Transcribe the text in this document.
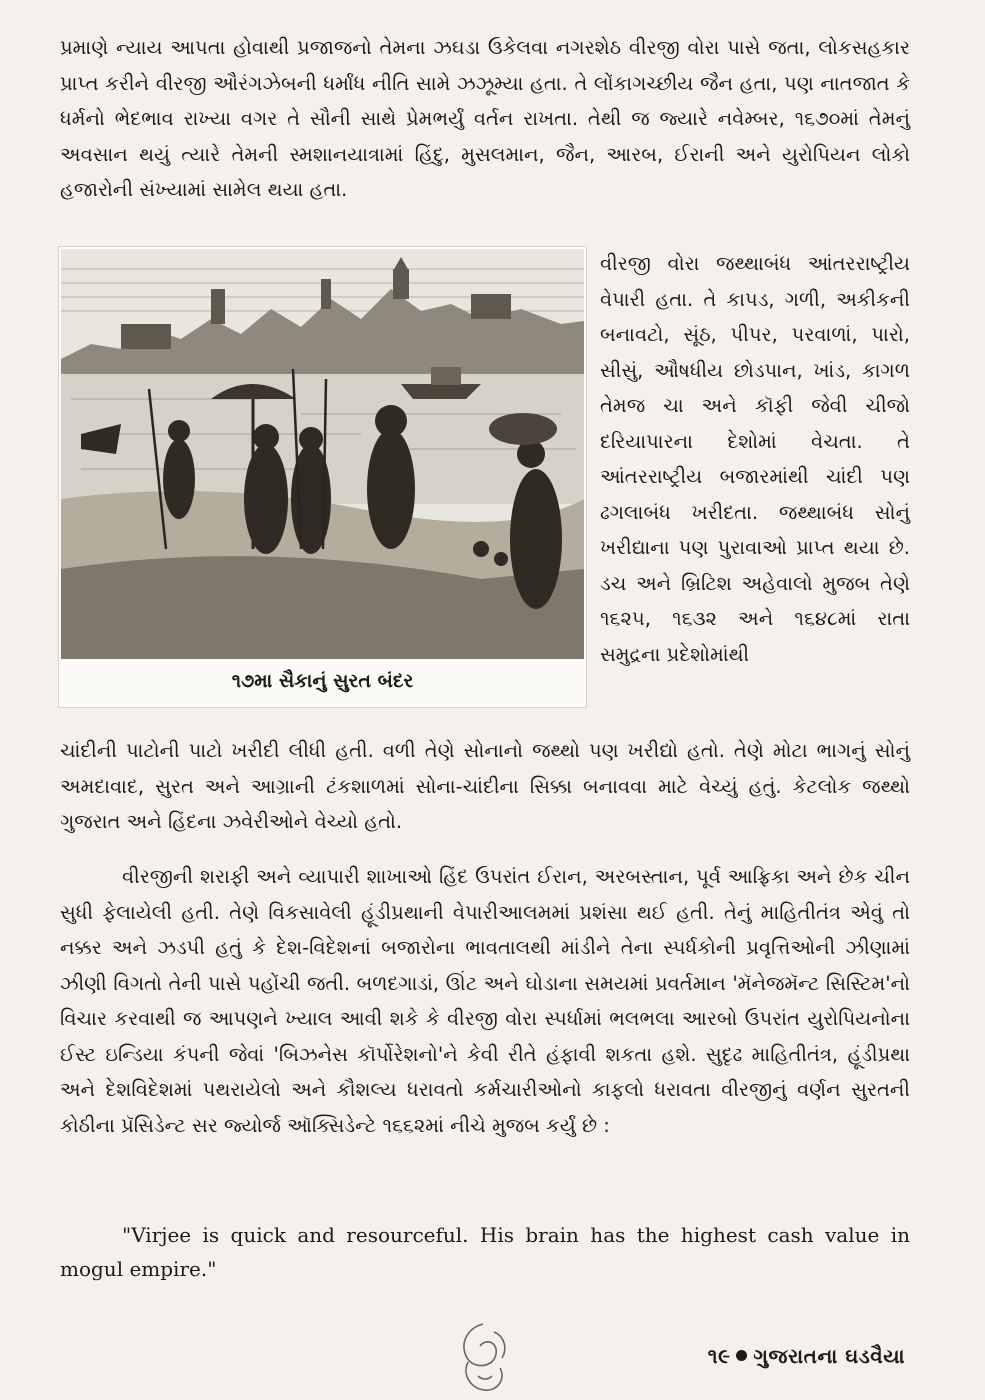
પ્રમાણે ન્યાય આપતા હોવાથી પ્રજાજનો તેમના ઝઘડા ઉકેલવા નગરશેઠ વીરજી વોરા પાસે જતા, લોકસહકાર પ્રાપ્ત કરીને વીરજી ઔરંગઝેબની ધર્માંધ નીતિ સામે ઝઝૂમ્યા હતા. તે લોંકાગચ્છીય જૈન હતા, પણ નાતજાત કે ધર્મનો ભેદભાવ રાખ્યા વગર તે સૌની સાથે પ્રેમભર્યું વર્તન રાખતા. તેથી જ જ્યારે નવેમ્બર, ૧૬૭૦માં તેમનું અવસાન થયું ત્યારે તેમની સ્મશાનયાત્રામાં હિંદુ, મુસલમાન, જૈન, આરબ, ઈરાની અને યુરોપિયન લોકો હજારોની સંખ્યામાં સામેલ થયા હતા.

૧૭મા સૈકાનું સુરત બંદર

વીરજી વોરા જથ્થાબંધ આંતરરાષ્ટ્રીય વેપારી હતા. તે કાપડ, ગળી, અકીકની બનાવટો, સૂંઠ, પીપર, પરવાળાં, પારો, સીસું, ઔષધીય છોડપાન, ખાંડ, કાગળ તેમજ ચા અને કૉફી જેવી ચીજો દરિયાપારના દેશોમાં વેચતા. તે આંતરરાષ્ટ્રીય બજારમાંથી ચાંદી પણ ઢગલાબંધ ખરીદતા. જથ્થાબંધ સોનું ખરીદ્યાના પણ પુરાવાઓ પ્રાપ્ત થયા છે. ડચ અને બ્રિટિશ અહેવાલો મુજબ તેણે ૧૬૨૫, ૧૬૩૨ અને ૧૬૪૮માં રાતા સમુદ્રના પ્રદેશોમાંથી

ચાંદીની પાટોની પાટો ખરીદી લીધી હતી. વળી તેણે સોનાનો જથ્થો પણ ખરીદ્યો હતો. તેણે મોટા ભાગનું સોનું અમદાવાદ, સુરત અને આગ્રાની ટંકશાળમાં સોના-ચાંદીના સિક્કા બનાવવા માટે વેચ્યું હતું. કેટલોક જથ્થો ગુજરાત અને હિંદના ઝવેરીઓને વેચ્યો હતો.

વીરજીની શરાફી અને વ્યાપારી શાખાઓ હિંદ ઉપરાંત ઈરાન, અરબસ્તાન, પૂર્વ આફ્રિકા અને છેક ચીન સુધી ફેલાયેલી હતી. તેણે વિકસાવેલી હૂંડીપ્રથાની વેપારીઆલમમાં પ્રશંસા થઈ હતી. તેનું માહિતીતંત્ર એવું તો નક્કર અને ઝડપી હતું કે દેશ-વિદેશનાં બજારોના ભાવતાલથી માંડીને તેના સ્પર્ધકોની પ્રવૃત્તિઓની ઝીણામાં ઝીણી વિગતો તેની પાસે પહોંચી જતી. બળદગાડાં, ઊંટ અને ઘોડાના સમયમાં પ્રવર્તમાન 'મૅનેજમૅન્ટ સિસ્ટિમ'નો વિચાર કરવાથી જ આપણને ખ્યાલ આવી શકે કે વીરજી વોરા સ્પર્ધામાં ભલભલા આરબો ઉપરાંત યુરોપિયનોના ઈસ્ટ ઇન્ડિયા કંપની જેવાં 'બિઝનેસ કૉર્પોરેશનો'ને કેવી રીતે હંફાવી શકતા હશે. સુદૃઢ માહિતીતંત્ર, હૂંડીપ્રથા અને દેશવિદેશમાં પથરાયેલો અને કૌશલ્ય ધરાવતો કર્મચારીઓનો કાફલો ધરાવતા વીરજીનું વર્ણન સુરતની કોઠીના પ્રૅસિડેન્ટ સર જ્યોર્જ ઑક્સિડેન્ટે ૧૬૬૨માં નીચે મુજબ કર્યું છે :

"Virjee is quick and resourceful. His brain has the highest cash value in mogul empire."

૧૯ ગુજરાતના ઘડવૈયા
